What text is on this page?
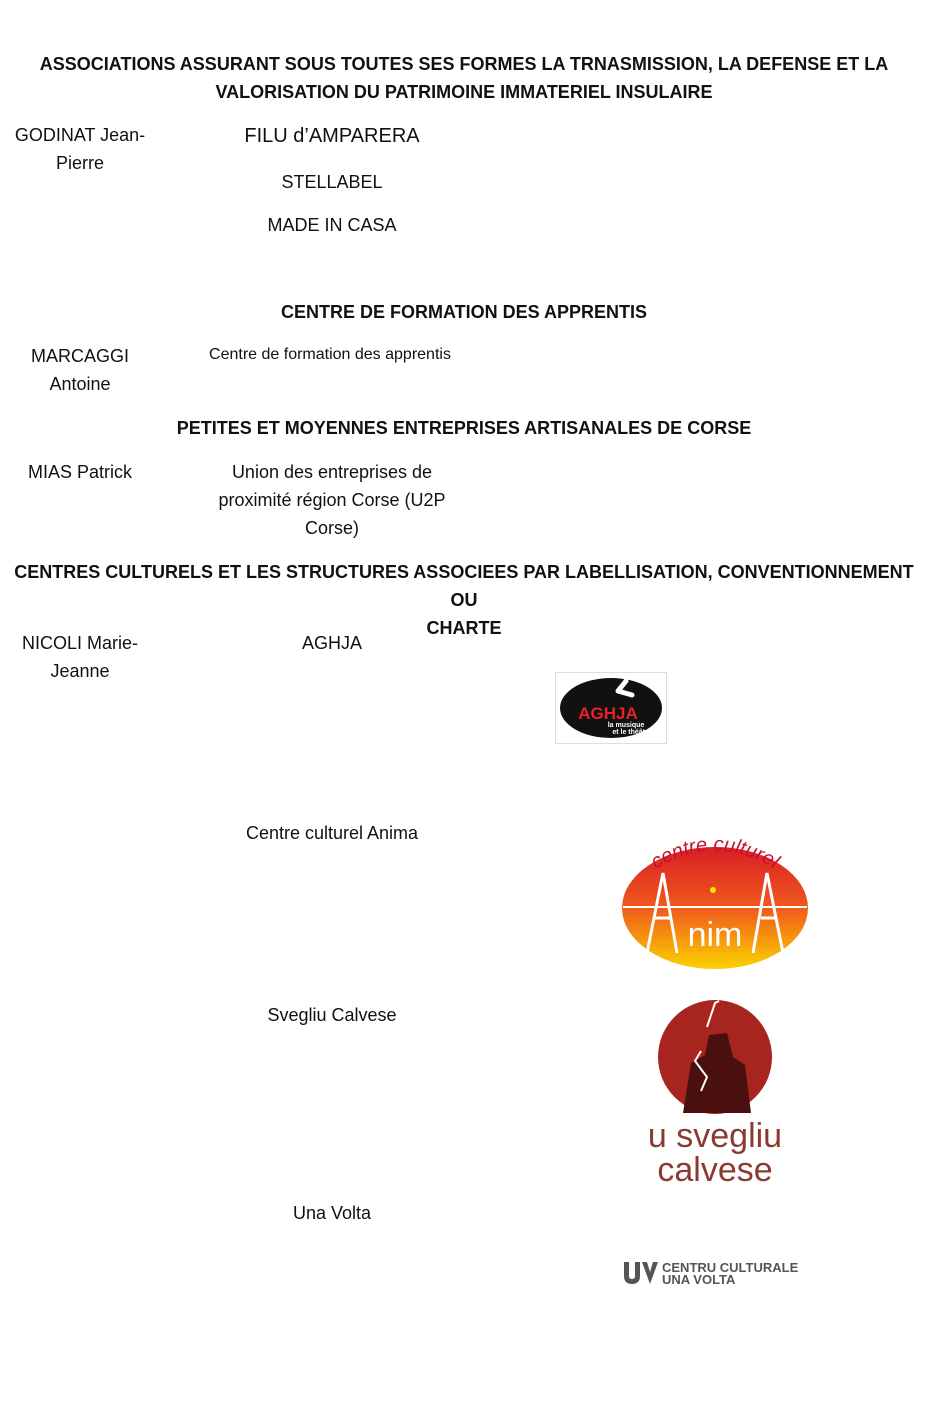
ASSOCIATIONS ASSURANT SOUS TOUTES SES FORMES LA TRNASMISSION, LA DEFENSE ET LA
VALORISATION DU PATRIMOINE IMMATERIEL INSULAIRE
GODINAT Jean-
Pierre
FILU d’AMPARERA
STELLABEL
MADE IN CASA
CENTRE DE FORMATION DES APPRENTIS
MARCAGGI
Antoine
Centre de formation des apprentis
PETITES ET MOYENNES ENTREPRISES ARTISANALES DE CORSE
MIAS Patrick	Union des entreprises de
proximité région Corse (U2P
Corse)
CENTRES CULTURELS ET LES STRUCTURES ASSOCIEES PAR LABELLISATION, CONVENTIONNEMENT OU
CHARTE
NICOLI Marie-
Jeanne
AGHJA
Centre culturel Anima
Svegliu Calvese
Una Volta
AGHJA
la musique
et le théâtre
centre culturel
nim
u svegliu
calvese
CENTRU CULTURALE
UNA VOLTA
